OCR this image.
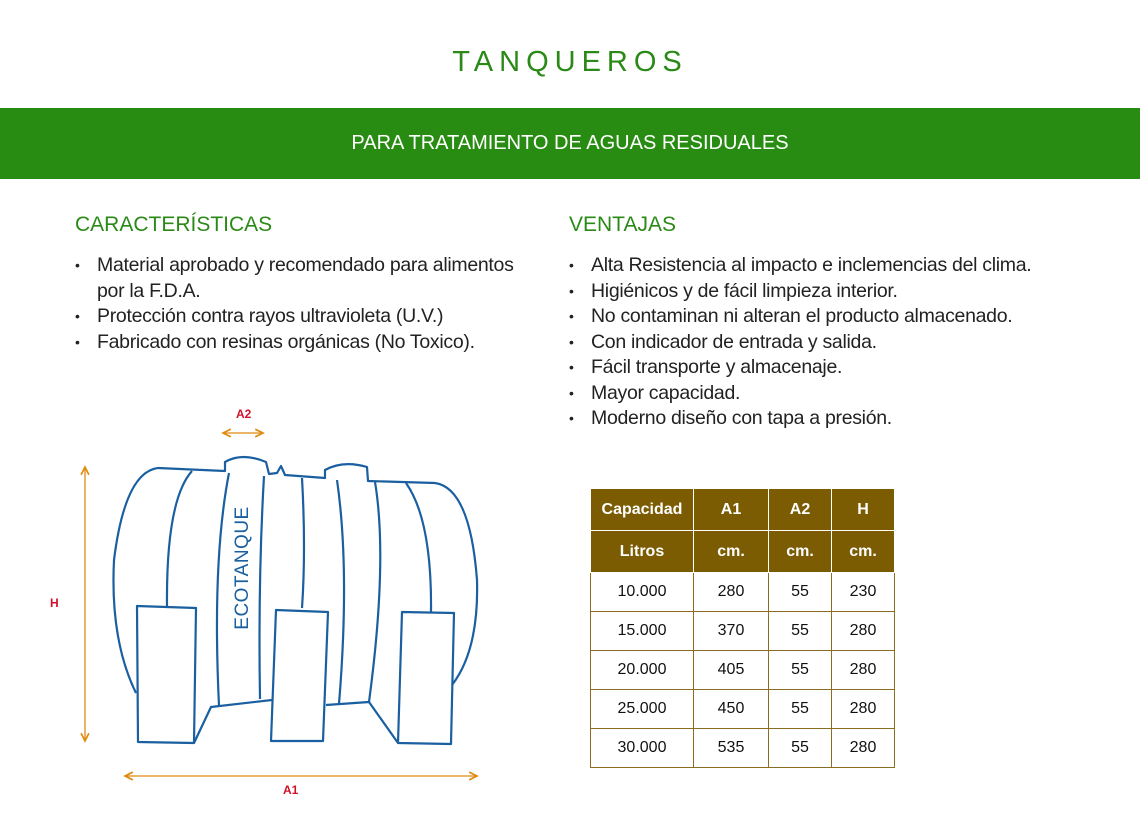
TANQUEROS
PARA TRATAMIENTO DE AGUAS RESIDUALES
CARACTERÍSTICAS
• Material aprobado y recomendado para alimentos por la F.D.A.
• Protección contra rayos ultravioleta (U.V.)
• Fabricado con resinas orgánicas (No Toxico).
VENTAJAS
• Alta Resistencia al impacto e inclemencias del clima.
• Higiénicos y de fácil limpieza interior.
• No contaminan ni alteran el producto almacenado.
• Con indicador de entrada y salida.
• Fácil transporte y almacenaje.
• Mayor capacidad.
• Moderno diseño con tapa a presión.
ECOTANQUE
A2
H
A1
Capacidad	A1	A2	H
Litros	cm.	cm.	cm.
10.000	280	55	230
15.000	370	55	280
20.000	405	55	280
25.000	450	55	280
30.000	535	55	280
